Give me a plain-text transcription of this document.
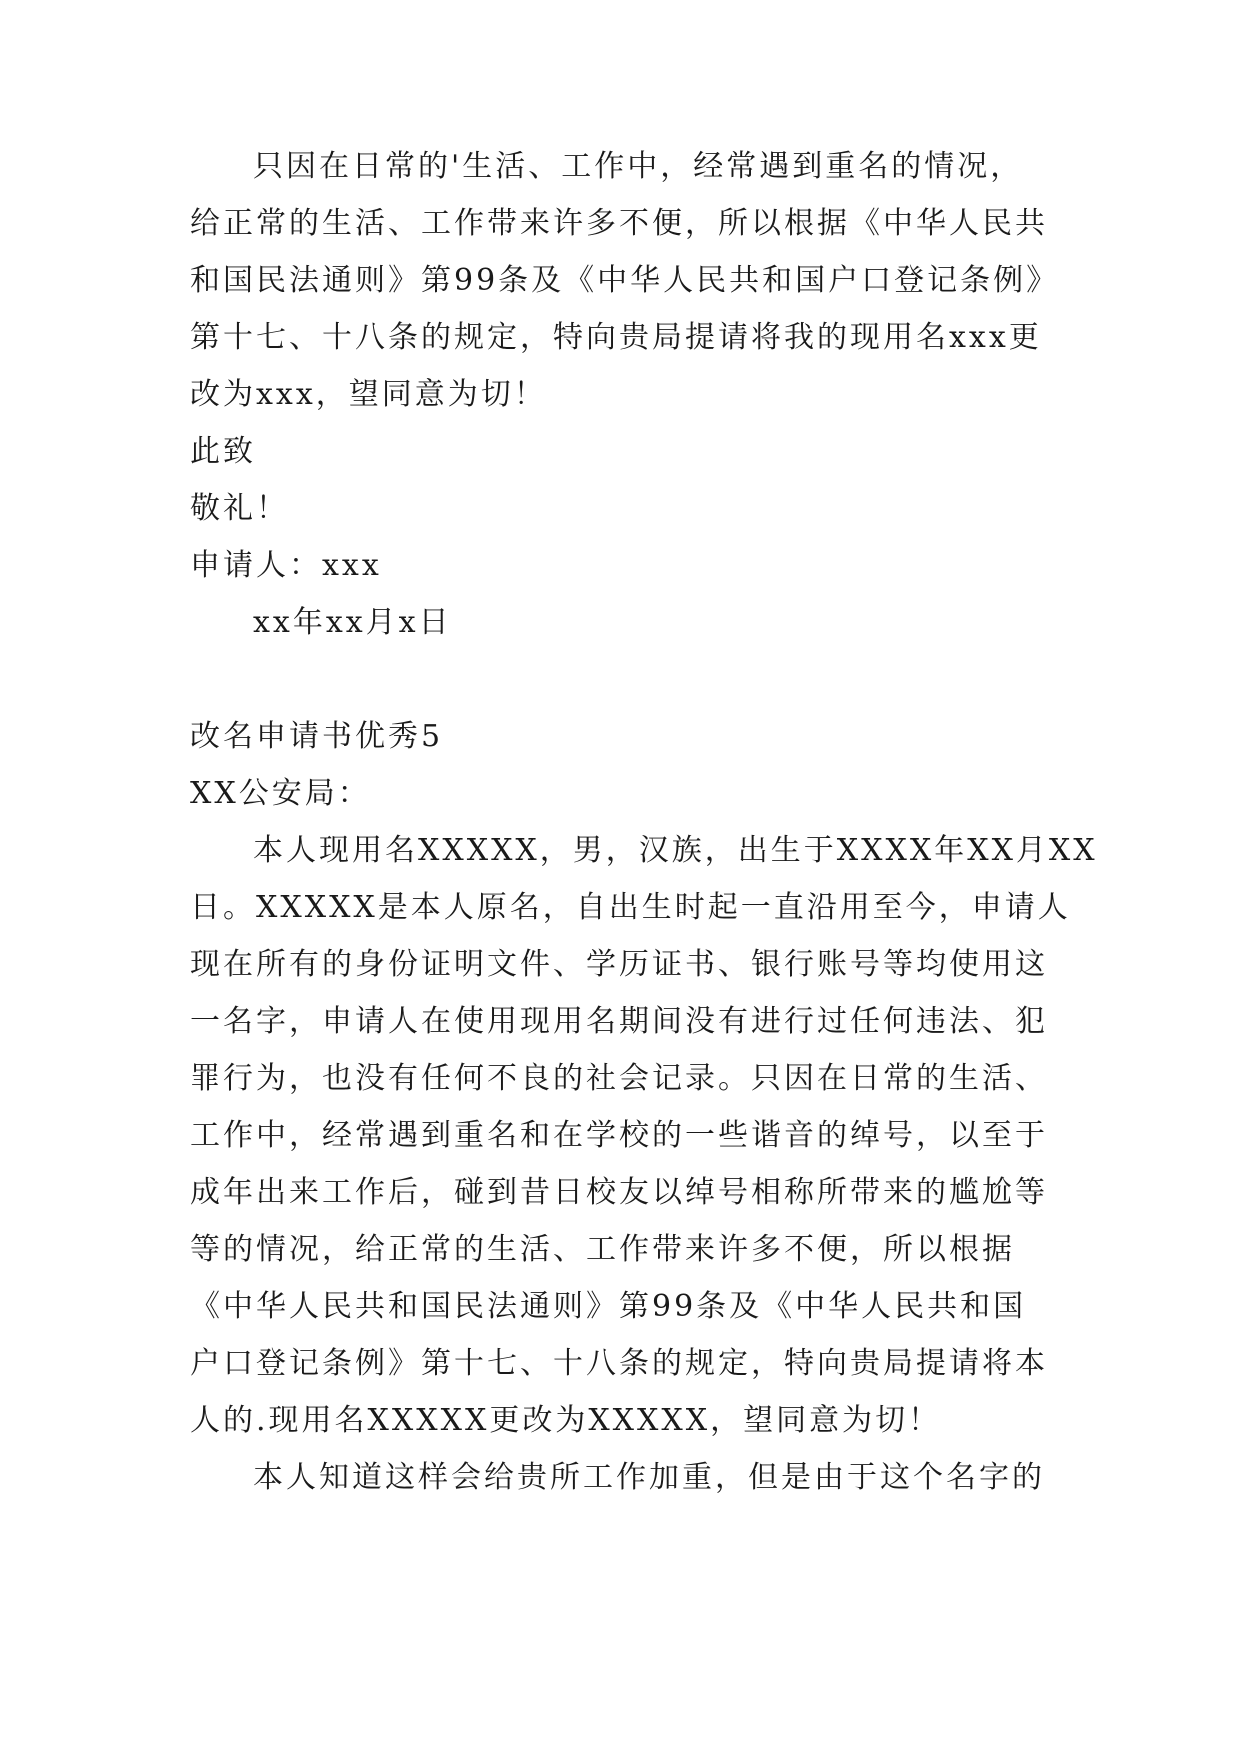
只因在日常的'生活、工作中，经常遇到重名的情况，

给正常的生活、工作带来许多不便，所以根据《中华人民共

和国民法通则》第99条及《中华人民共和国户口登记条例》

第十七、十八条的规定，特向贵局提请将我的现用名xxx更

改为xxx，望同意为切！

此致

敬礼！

申请人：xxx

xx年xx月x日

改名申请书优秀5

XX公安局：

本人现用名XXXXX，男，汉族，出生于XXXX年XX月XX

日。XXXXX是本人原名，自出生时起一直沿用至今，申请人

现在所有的身份证明文件、学历证书、银行账号等均使用这

一名字，申请人在使用现用名期间没有进行过任何违法、犯

罪行为，也没有任何不良的社会记录。只因在日常的生活、

工作中，经常遇到重名和在学校的一些谐音的绰号，以至于

成年出来工作后，碰到昔日校友以绰号相称所带来的尴尬等

等的情况，给正常的生活、工作带来许多不便，所以根据

《中华人民共和国民法通则》第99条及《中华人民共和国

户口登记条例》第十七、十八条的规定，特向贵局提请将本

人的.现用名XXXXX更改为XXXXX，望同意为切！

本人知道这样会给贵所工作加重，但是由于这个名字的
